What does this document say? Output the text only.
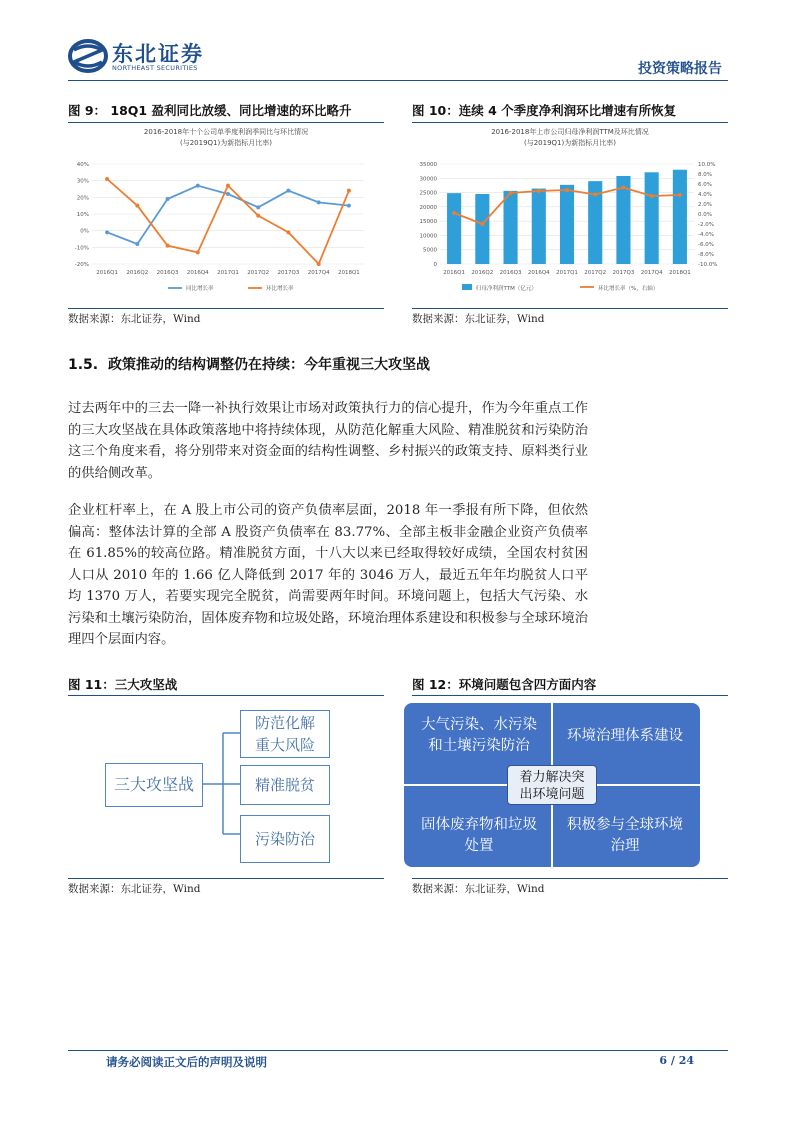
东北证券
NORTHEAST SECURITIES	投资策略报告
图 9： 18Q1 盈利同比放缓、同比增速的环比略升
2016-2018年十个公司单季度利润季同比与环比情况
(与2019Q1)为新指标月比率)
40%
30%
20%
10%
0%
-10%
-20%
2016Q1 2016Q2 2016Q3 2016Q4 2017Q1 2017Q2 2017Q3 2017Q4 2018Q1
同比增长率	环比增长率
数据来源：东北证券，Wind
图 10：连续 4 个季度净利润环比增速有所恢复
2016-2018年上市公司归母净利润TTM及环比情况
(与2019Q1)为新指标月比率)
35000
30000
25000
20000
15000
10000
5000
0
10.0%
8.0%
6.0%
4.0%
2.0%
0.0%
-2.0%
-4.0%
-6.0%
-8.0%
-10.0%
2016Q1 2016Q2 2016Q3 2016Q4 2017Q1 2017Q2 2017Q3 2017Q4 2018Q1
归母净利润TTM（亿元）	环比增长率（%，右轴）
数据来源：东北证券，Wind
1.5. 政策推动的结构调整仍在持续：今年重视三大攻坚战

过去两年中的三去一降一补执行效果让市场对政策执行力的信心提升，作为今年重点工作的三大攻坚战在具体政策落地中将持续体现，从防范化解重大风险、精准脱贫和污染防治这三个角度来看，将分别带来对资金面的结构性调整、乡村振兴的政策支持、原料类行业的供给侧改革。

企业杠杆率上，在 A 股上市公司的资产负债率层面，2018 年一季报有所下降，但依然偏高：整体法计算的全部 A 股资产负债率在 83.77%、全部主板非金融企业资产负债率在 61.85%的较高位路。精准脱贫方面，十八大以来已经取得较好成绩，全国农村贫困人口从 2010 年的 1.66 亿人降低到 2017 年的 3046 万人，最近五年年均脱贫人口平均 1370 万人，若要实现完全脱贫，尚需要两年时间。环境问题上，包括大气污染、水污染和土壤污染防治，固体废弃物和垃圾处路，环境治理体系建设和积极参与全球环境治理四个层面内容。

图 11：三大攻坚战
三大攻坚战
防范化解重大风险
精准脱贫
污染防治
数据来源：东北证券，Wind
图 12：环境问题包含四方面内容
大气污染、水污染和土壤污染防治
环境治理体系建设
固体废弃物和垃圾处置
积极参与全球环境治理
着力解决突出环境问题
数据来源：东北证券，Wind
请务必阅读正文后的声明及说明	6 / 24
